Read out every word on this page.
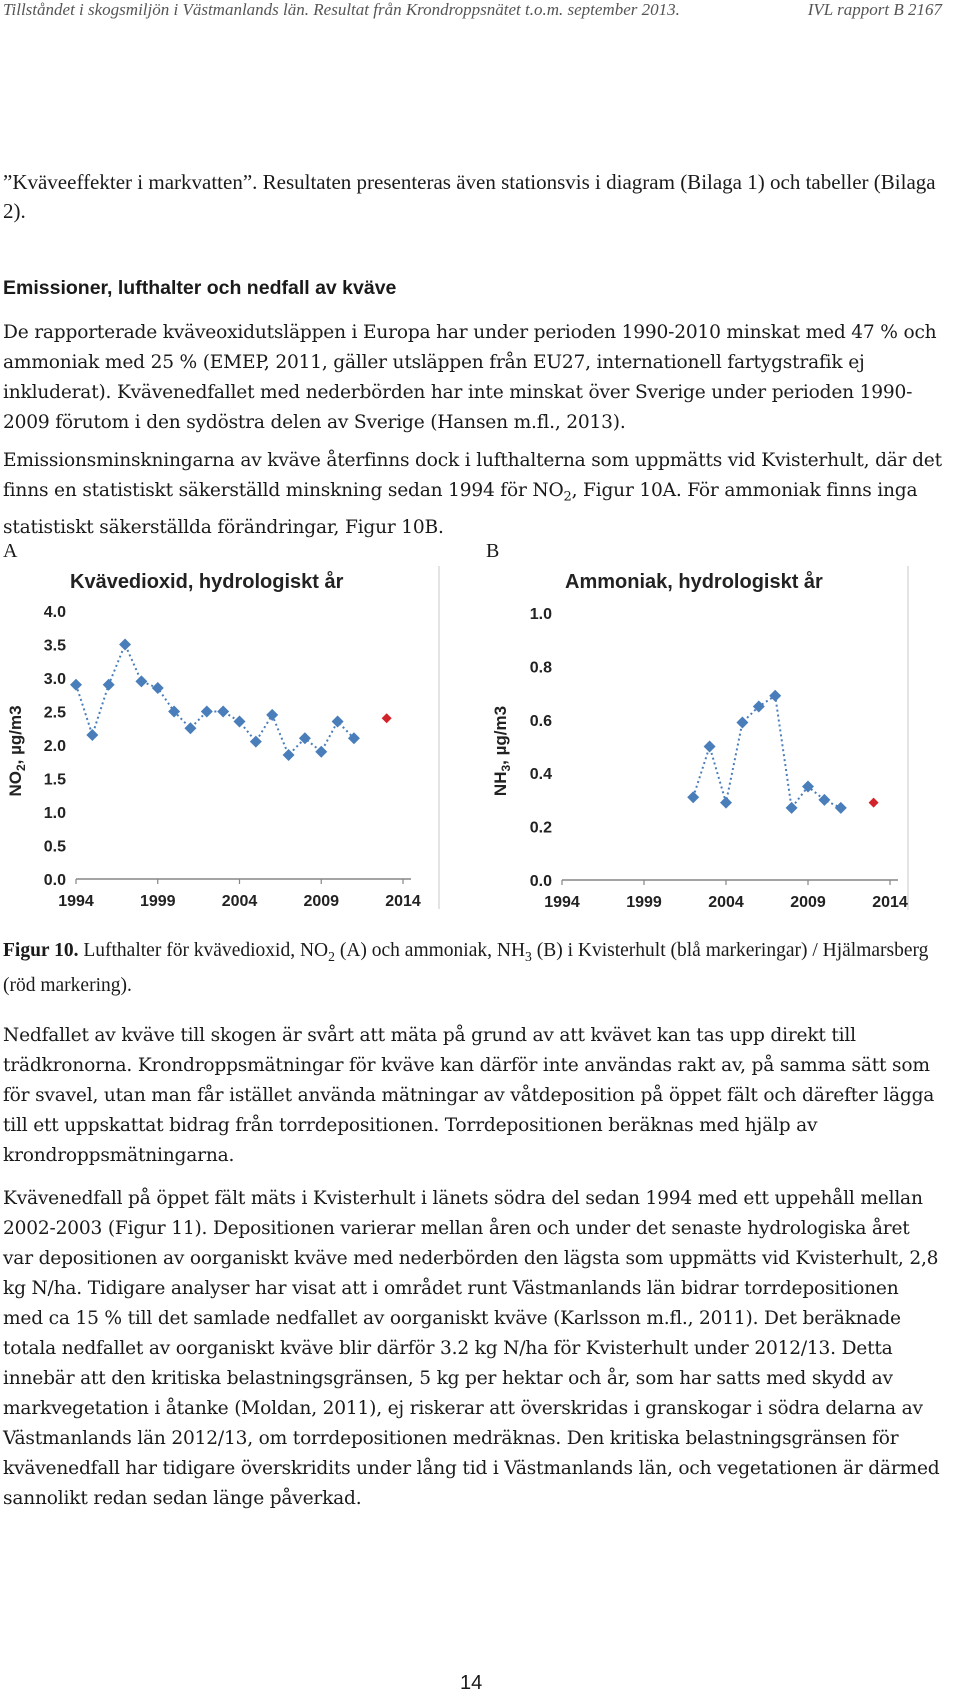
Tillståndet i skogsmiljön i Västmanlands län. Resultat från Krondroppsnätet t.o.m. september 2013.	IVL rapport B 2167

”Kväveeffekter i markvatten”. Resultaten presenteras även stationsvis i diagram (Bilaga 1) och tabeller (Bilaga 2).

Emissioner, lufthalter och nedfall av kväve

De rapporterade kväveoxidutsläppen i Europa har under perioden 1990-2010 minskat med 47 % och ammoniak med 25 % (EMEP, 2011, gäller utsläppen från EU27, internationell fartygstrafik ej inkluderat). Kvävenedfallet med nederbörden har inte minskat över Sverige under perioden 1990-2009 förutom i den sydöstra delen av Sverige (Hansen m.fl., 2013).

Emissionsminskningarna av kväve återfinns dock i lufthalterna som uppmätts vid Kvisterhult, där det finns en statistiskt säkerställd minskning sedan 1994 för $NO_2$, Figur 10A. För ammoniak finns inga statistiskt säkerställda förändringar, Figur 10B.

A	B
Kvävedioxid, hydrologiskt år
0.0
0.5
1.0
1.5
2.0
2.5
3.0
3.5
4.0
1994	1999	2004	2009	2014
$NO_2$, µg/m3
Ammoniak, hydrologiskt år
0.0
0.2
0.4
0.6
0.8
1.0
1994	1999	2004	2009	2014
$NH_3$, µg/m3

Figur 10. Lufthalter för kvävedioxid, $NO_2$ (A) och ammoniak, $NH_3$ (B) i Kvisterhult (blå markeringar) / Hjälmarsberg (röd markering).

Nedfallet av kväve till skogen är svårt att mäta på grund av att kvävet kan tas upp direkt till trädkronorna. Krondroppsmätningar för kväve kan därför inte användas rakt av, på samma sätt som för svavel, utan man får istället använda mätningar av våtdeposition på öppet fält och därefter lägga till ett uppskattat bidrag från torrdepositionen. Torrdepositionen beräknas med hjälp av krondroppsmätningarna.

Kvävenedfall på öppet fält mäts i Kvisterhult i länets södra del sedan 1994 med ett uppehåll mellan 2002-2003 (Figur 11). Depositionen varierar mellan åren och under det senaste hydrologiska året var depositionen av oorganiskt kväve med nederbörden den lägsta som uppmätts vid Kvisterhult, 2,8 kg N/ha. Tidigare analyser har visat att i området runt Västmanlands län bidrar torrdepositionen med ca 15 % till det samlade nedfallet av oorganiskt kväve (Karlsson m.fl., 2011). Det beräknade totala nedfallet av oorganiskt kväve blir därför 3.2 kg N/ha för Kvisterhult under 2012/13. Detta innebär att den kritiska belastningsgränsen, 5 kg per hektar och år, som har satts med skydd av markvegetation i åtanke (Moldan, 2011), ej riskerar att överskridas i granskogar i södra delarna av Västmanlands län 2012/13, om torrdepositionen medräknas. Den kritiska belastningsgränsen för kvävenedfall har tidigare överskridits under lång tid i Västmanlands län, och vegetationen är därmed sannolikt redan sedan länge påverkad.

14
